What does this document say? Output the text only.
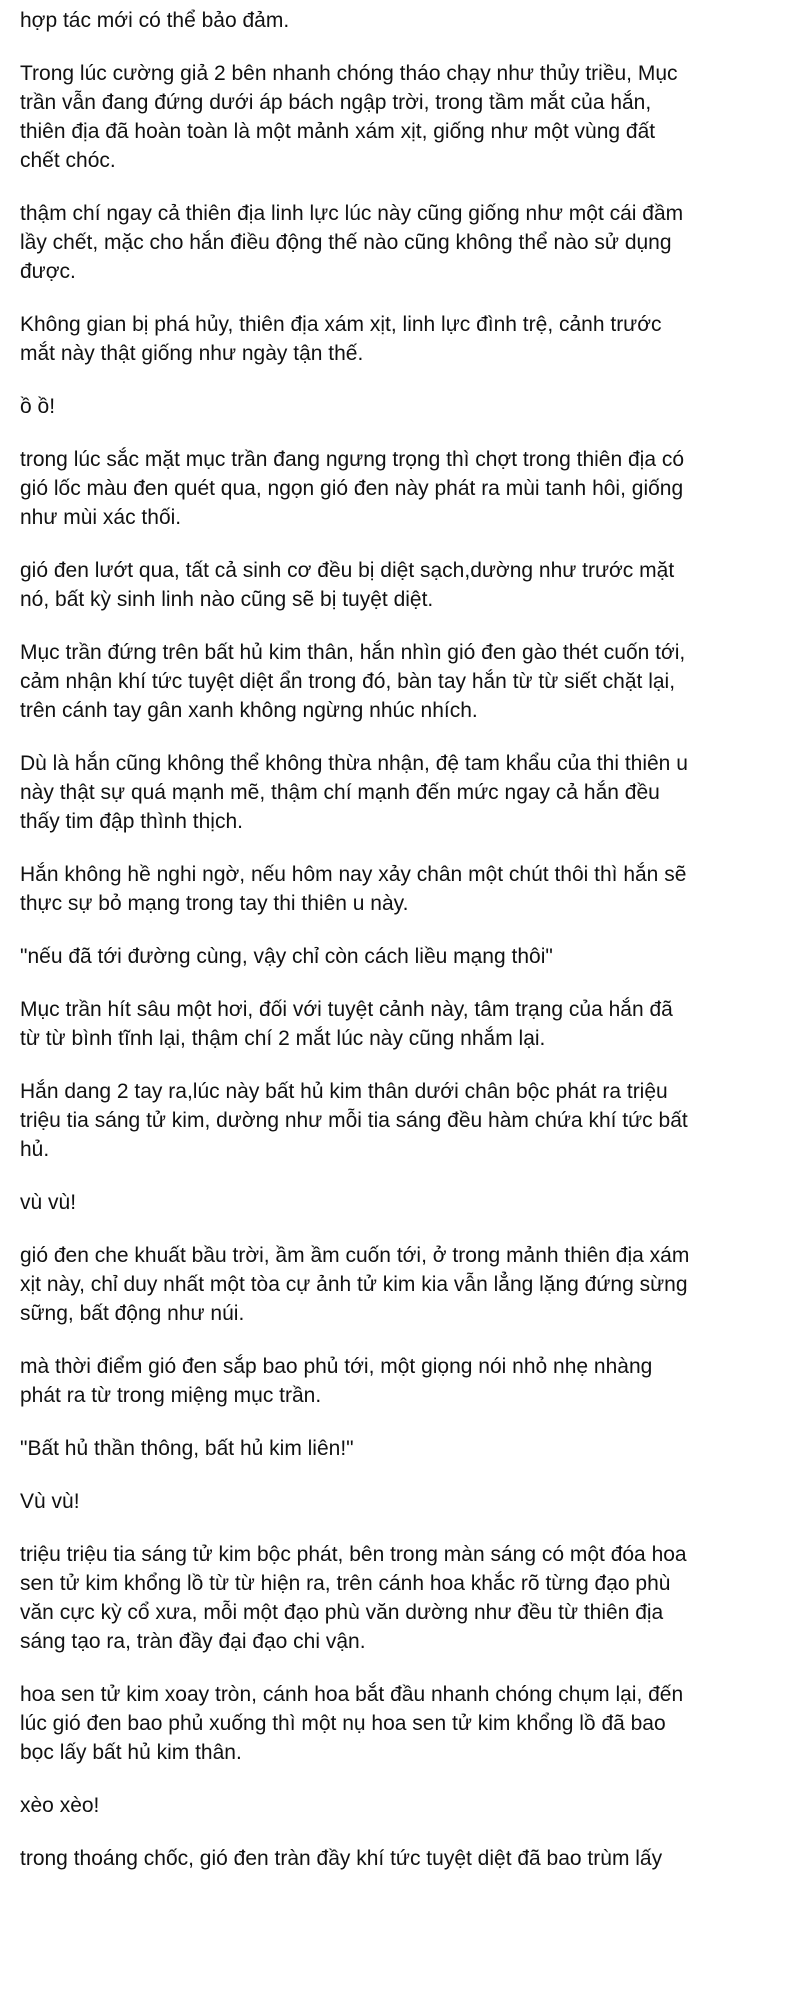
hợp tác mới có thể bảo đảm.

Trong lúc cường giả 2 bên nhanh chóng tháo chạy như thủy triều, Mục
trần vẫn đang đứng dưới áp bách ngập trời, trong tầm mắt của hắn,
thiên địa đã hoàn toàn là một mảnh xám xịt, giống như một vùng đất
chết chóc.

thậm chí ngay cả thiên địa linh lực lúc này cũng giống như một cái đầm
lầy chết, mặc cho hắn điều động thế nào cũng không thể nào sử dụng
được.

Không gian bị phá hủy, thiên địa xám xịt, linh lực đình trệ, cảnh trước
mắt này thật giống như ngày tận thế.

ồ ồ!

trong lúc sắc mặt mục trần đang ngưng trọng thì chợt trong thiên địa có
gió lốc màu đen quét qua, ngọn gió đen này phát ra mùi tanh hôi, giống
như mùi xác thối.

gió đen lướt qua, tất cả sinh cơ đều bị diệt sạch,dường như trước mặt
nó, bất kỳ sinh linh nào cũng sẽ bị tuyệt diệt.

Mục trần đứng trên bất hủ kim thân, hắn nhìn gió đen gào thét cuốn tới,
cảm nhận khí tức tuyệt diệt ẩn trong đó, bàn tay hắn từ từ siết chặt lại,
trên cánh tay gân xanh không ngừng nhúc nhích.

Dù là hắn cũng không thể không thừa nhận, đệ tam khẩu của thi thiên u
này thật sự quá mạnh mẽ, thậm chí mạnh đến mức ngay cả hắn đều
thấy tim đập thình thịch.

Hắn không hề nghi ngờ, nếu hôm nay xảy chân một chút thôi thì hắn sẽ
thực sự bỏ mạng trong tay thi thiên u này.

"nếu đã tới đường cùng, vậy chỉ còn cách liều mạng thôi"

Mục trần hít sâu một hơi, đối với tuyệt cảnh này, tâm trạng của hắn đã
từ từ bình tĩnh lại, thậm chí 2 mắt lúc này cũng nhắm lại.

Hắn dang 2 tay ra,lúc này bất hủ kim thân dưới chân bộc phát ra triệu
triệu tia sáng tử kim, dường như mỗi tia sáng đều hàm chứa khí tức bất
hủ.

vù vù!

gió đen che khuất bầu trời, ầm ầm cuốn tới, ở trong mảnh thiên địa xám
xịt này, chỉ duy nhất một tòa cự ảnh tử kim kia vẫn lẳng lặng đứng sừng
sững, bất động như núi.

mà thời điểm gió đen sắp bao phủ tới, một giọng nói nhỏ nhẹ nhàng
phát ra từ trong miệng mục trần.

"Bất hủ thần thông, bất hủ kim liên!"

Vù vù!

triệu triệu tia sáng tử kim bộc phát, bên trong màn sáng có một đóa hoa
sen tử kim khổng lồ từ từ hiện ra, trên cánh hoa khắc rõ từng đạo phù
văn cực kỳ cổ xưa, mỗi một đạo phù văn dường như đều từ thiên địa
sáng tạo ra, tràn đầy đại đạo chi vận.

hoa sen tử kim xoay tròn, cánh hoa bắt đầu nhanh chóng chụm lại, đến
lúc gió đen bao phủ xuống thì một nụ hoa sen tử kim khổng lồ đã bao
bọc lấy bất hủ kim thân.

xèo xèo!

trong thoáng chốc, gió đen tràn đầy khí tức tuyệt diệt đã bao trùm lấy
